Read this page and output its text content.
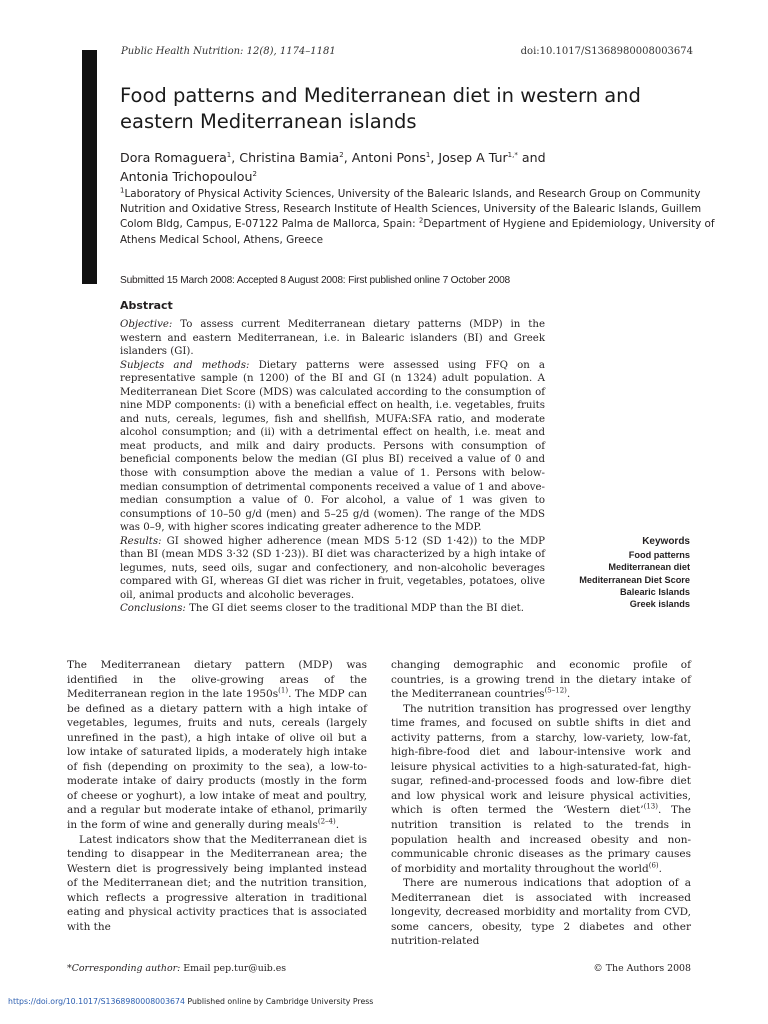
Public Health Nutrition: 12(8), 1174–1181	doi:10.1017/S1368980008003674
Food patterns and Mediterranean diet in western and eastern Mediterranean islands
Dora Romaguera$^1$, Christina Bamia$^2$, Antoni Pons$^1$, Josep A Tur$^{1,*}$ and
Antonia Trichopoulou$^2$
$^1$Laboratory of Physical Activity Sciences, University of the Balearic Islands, and Research Group on Community Nutrition and Oxidative Stress, Research Institute of Health Sciences, University of the Balearic Islands, Guillem Colom Bldg, Campus, E-07122 Palma de Mallorca, Spain: $^2$Department of Hygiene and Epidemiology, University of Athens Medical School, Athens, Greece
Submitted 15 March 2008: Accepted 8 August 2008: First published online 7 October 2008
Abstract
Objective: To assess current Mediterranean dietary patterns (MDP) in the western and eastern Mediterranean, i.e. in Balearic islanders (BI) and Greek islanders (GI).
Subjects and methods: Dietary patterns were assessed using FFQ on a representative sample (n 1200) of the BI and GI (n 1324) adult population. A Mediterranean Diet Score (MDS) was calculated according to the consumption of nine MDP components: (i) with a beneficial effect on health, i.e. vegetables, fruits and nuts, cereals, legumes, fish and shellfish, MUFA:SFA ratio, and moderate alcohol consumption; and (ii) with a detrimental effect on health, i.e. meat and meat products, and milk and dairy products. Persons with consumption of beneficial components below the median (GI plus BI) received a value of 0 and those with consumption above the median a value of 1. Persons with below-median consumption of detrimental components received a value of 1 and above-median consumption a value of 0. For alcohol, a value of 1 was given to consumptions of 10–50 g/d (men) and 5–25 g/d (women). The range of the MDS was 0–9, with higher scores indicating greater adherence to the MDP.
Results: GI showed higher adherence (mean MDS 5·12 (SD 1·42)) to the MDP than BI (mean MDS 3·32 (SD 1·23)). BI diet was characterized by a high intake of legumes, nuts, seed oils, sugar and confectionery, and non-alcoholic beverages compared with GI, whereas GI diet was richer in fruit, vegetables, potatoes, olive oil, animal products and alcoholic beverages.
Conclusions: The GI diet seems closer to the traditional MDP than the BI diet.
Keywords
Food patterns
Mediterranean diet
Mediterranean Diet Score
Balearic Islands
Greek islands

The Mediterranean dietary pattern (MDP) was identified in the olive-growing areas of the Mediterranean region in the late $1950s^{(1)}$. The MDP can be defined as a dietary pattern with a high intake of vegetables, legumes, fruits and nuts, cereals (largely unrefined in the past), a high intake of olive oil but a low intake of saturated lipids, a moderately high intake of fish (depending on proximity to the sea), a low-to-moderate intake of dairy products (mostly in the form of cheese or yoghurt), a low intake of meat and poultry, and a regular but moderate intake of ethanol, primarily in the form of wine and generally during meals$^{(2-4)}$.

Latest indicators show that the Mediterranean diet is tending to disappear in the Mediterranean area; the Western diet is progressively being implanted instead of the Mediterranean diet; and the nutrition transition, which reflects a progressive alteration in traditional eating and physical activity practices that is associated with the

changing demographic and economic profile of countries, is a growing trend in the dietary intake of the Mediterranean countries$^{(5-12)}$.

The nutrition transition has progressed over lengthy time frames, and focused on subtle shifts in diet and activity patterns, from a starchy, low-variety, low-fat, high-fibre-food diet and labour-intensive work and leisure physical activities to a high-saturated-fat, high-sugar, refined-and-processed foods and low-fibre diet and low physical work and leisure physical activities, which is often termed the ‘Western diet’$^{(13)}$. The nutrition transition is related to the trends in population health and increased obesity and non-communicable chronic diseases as the primary causes of morbidity and mortality throughout the world$^{(6)}$.

There are numerous indications that adoption of a Mediterranean diet is associated with increased longevity, decreased morbidity and mortality from CVD, some cancers, obesity, type 2 diabetes and other nutrition-related

*Corresponding author: Email pep.tur@uib.es	© The Authors 2008
https://doi.org/10.1017/S1368980008003674 Published online by Cambridge University Press
